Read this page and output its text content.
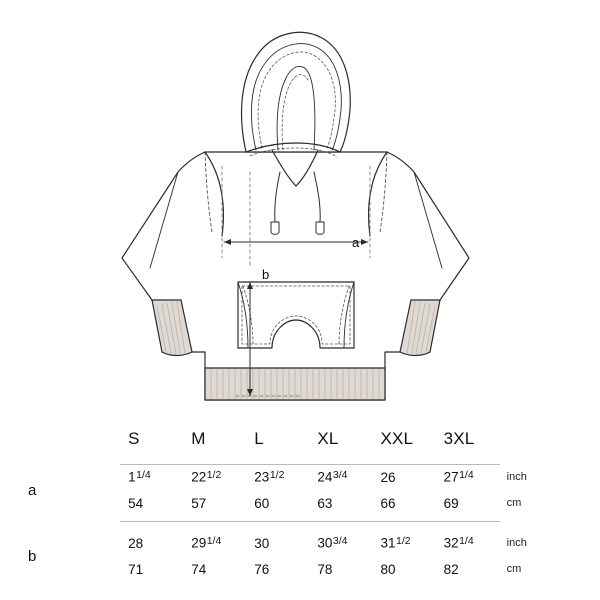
a
b
	S	M	L	XL	XXL	3XL	

a	$1^{1/4}$	$22^{1/2}$	$23^{1/2}$	$24^{3/4}$	26	$27^{1/4}$	inch
	54	57	60	63	66	69	cm

b	28	$29^{1/4}$	30	$30^{3/4}$	$31^{1/2}$	$32^{1/4}$	inch
	71	74	76	78	80	82	cm
